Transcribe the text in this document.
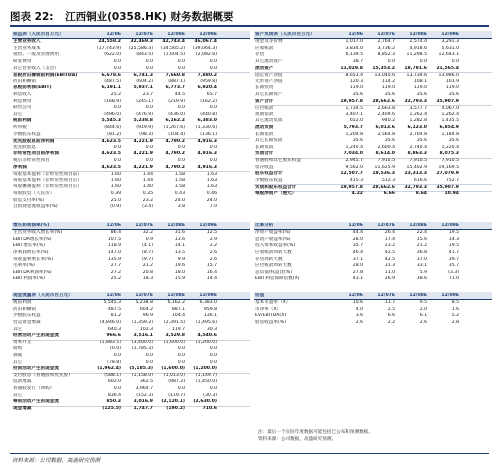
图表 22: 江西铜业(0358.HK) 财务数据概要
损益表（人民币百万元）	12/06	12/07E	12/08E	12/09E
主营业务收入	24,558.2	32,469.3	42,743.4	46,067.4
主营业务成本	(17,743.9)	(25,586.3)	(34,565.2)	(39,064.3)
销售、一般及管理费用	(622.0)	(843.5)	(1,604.5)	(2,082.6)
研发费用	0.0	0.0	0.0	0.0
其它营业收入（支出）	0.0	0.0	0.0	0.0
息税折旧摊销前利润(EBITDA)	6,678.6	6,741.3	7,660.8	7,880.2
折旧和摊销	(487.5)	(604.2)	(887.1)	(959.8)
息税前利润(EBIT)	6,191.1	5,937.1	6,773.7	6,920.4
利息收入	25.2	23.7	44.5	65.7
利息费用	(168.9)	(245.1)	(219.9)	(162.2)
联营公司	0.0	0.0	0.0	0.0
其它	(496.0)	(476.9)	(436.0)	(440.8)
税前利润	5,545.3	5,238.8	6,162.2	6,383.0
所得税	(844.6)	(919.9)	(1,267.6)	(1,330.6)
少数股东权益	(81.2)	(98.3)	(104.4)	(136.1)
优先股股息前净利润	4,623.5	4,221.9	4,790.2	4,916.3
优先股股息	0.0	0.0	0.0	0.0
非经常性项目前净利润	4,623.5	4,221.9	4,790.2	4,916.3
税后非经常性项目	0.0	0.0	0.0	0.0
净利润	4,623.5	4,221.9	4,790.2	4,916.3
每股基本盈利（非经常性项目前）	1.60	1.44	1.58	1.63
每股基本盈利（非经常性项目后）	1.60	1.44	1.58	1.63
每股摊薄盈利（非经常性项目后）	1.60	1.40	1.58	1.63
每股股息（人民币）	0.39	0.35	0.43	0.46
股息支付率(%)	25.0	23.2	24.0	24.0
自由现金流收益率(%)	(0.9)	(3.4)	3.8	7.0
增长和利润率(%)	12/06	12/07E	12/08E	12/09E
主营业务收入增长率(%)	86.4	32.2	31.6	12.5
EBITDA增长率(%)	107.5	0.9	13.6	2.9
EBIT增长率(%)	118.9	(4.1)	14.1	2.2
净利润增长率(%)	147.0	(8.7)	13.5	2.6
每股盈利增长率(%)	135.9	(9.7)	9.9	2.6
毛利率(%)	27.7	21.2	19.6	15.7
EBITDA利润率(%)	27.2	20.8	18.0	16.4
EBIT利润率(%)	25.2	18.3	15.9	14.4
现金流量表（人民币百万元）	12/06	12/07E	12/08E	12/09E
税前利润	5,545.3	5,238.8	6,162.2	6,383.0
折旧和摊销	487.5	604.2	887.1	959.8
少数股东权益	81.2	96.9	104.4	136.1
营运资金增减	(4,846.0)	(1,359.2)	(2,391.5)	(1,495.6)
其它	640.3	102.3	119.7	30.3
经营活动产生的现金流	966.6	3,516.1	3,529.8	4,540.6
资本开支	(1,883.5)	(3,400.0)	(1,600.0)	(1,200.0)
收购	(0.0)	(1,785.3)	0.0	0.0
剥离	0.0	0.0	0.0	0.0
其它	(78.8)	0.0	0.0	0.0
投资活动产生的现金流	(1,962.4)	(5,185.3)	(1,600.0)	(1,200.0)
支付股息（普通股和优先股）	(588.1)	(1,158.0)	(1,013.0)	(1,149.7)
借款增减	602.0	362.5	(987.2)	(1,450.0)
普通股发行（回购）	0.0	3,964.7	0.0	0.0
其它	836.4	(152.3)	(119.7)	(30.3)
筹资活动产生的现金流	850.3	3,016.9	(2,120.1)	(2,630.0)
现金增减	(125.5)	1,747.7	(190.2)	710.6
资产负债表（人民币百万元）	12/06	12/07E	12/08E	12/09E
现金及等价物	1,017.0	2,764.7	2,574.4	3,291.3
应收账款	3,834.0	3,736.2	4,918.6	5,631.0
存货	6,139.5	8,852.3	11,298.5	12,643.1
其它流动资产	38.7	0.0	0.0	0.0
流动资产	11,029.8	15,353.2	18,791.6	21,565.4
固定资产净值	8,653.4	13,040.6	13,739.6	13,986.0
无形资产净值	120.3	114.2	108.1	101.9
长期投资	119.0	119.0	119.0	119.0
其它长期资产	35.6	35.6	35.6	35.6
资产合计	19,957.8	28,662.6	32,793.3	35,907.9
应付账款	1,734.5	2,663.8	3,577.7	4,067.0
短期借款	3,407.1	2,409.6	1,262.4	1,262.4
其它流动负债	652.0	940.2	1,282.8	1,435.5
流动负债	5,793.7	6,013.6	6,123.0	6,854.9
长期借款	1,204.8	2,564.8	2,704.8	1,184.8
其它长期负债	35.6	35.6	35.6	35.6
长期负债	1,240.4	2,600.4	2,740.4	1,220.4
负债合计	7,034.0	8,614.0	8,863.3	8,075.3
普通股和其它股东权益	2,945.7	7,910.5	7,910.5	7,910.5
留存收益	9,562.0	11,625.9	15,402.9	19,169.5
股东权益合计	12,507.7	19,536.3	23,313.3	27,079.9
少数股东权益	415.3	512.3	616.6	752.7
负债和股东权益合计	19,957.8	28,662.6	32,793.3	35,907.9
每股净资产（港元）	4.22	6.66	8.64	10.94
比率分析	12/06	12/07E	12/08E	12/09E
净资产收益率(%)	44.4	26.4	22.4	19.5
总资产收益率(%)	28.0	17.4	15.6	14.3
投入资本收益率(%)	35.7	23.2	21.2	19.5
应收账款周转天数	46.4	42.5	36.8	41.7
存货周转天数	37.1	42.5	37.0	39.7
应付账款周转天数	28.0	31.3	33.1	35.7
总负债/权益比(%)	27.8	11.0	5.9	(3.3)
EBIT利息保障倍数(X)	43.1	26.9	38.6	71.0
估值	12/06	12/07E	12/08E	12/09E
基本市盈率（X）	10.6	11.7	9.5	8.5
市净率（X）	4.0	2.5	2.0	1.6
EV/EBITDA(X)	3.6	6.6	6.1	5.2
股息收益率(%)	2.6	2.2	2.6	2.8
注：最后一个实际年度数据可能包括已公布和预测数据。
资料来源：公司数据，高盛研究预测。
资料来源：公司数据，高盛研究预测
